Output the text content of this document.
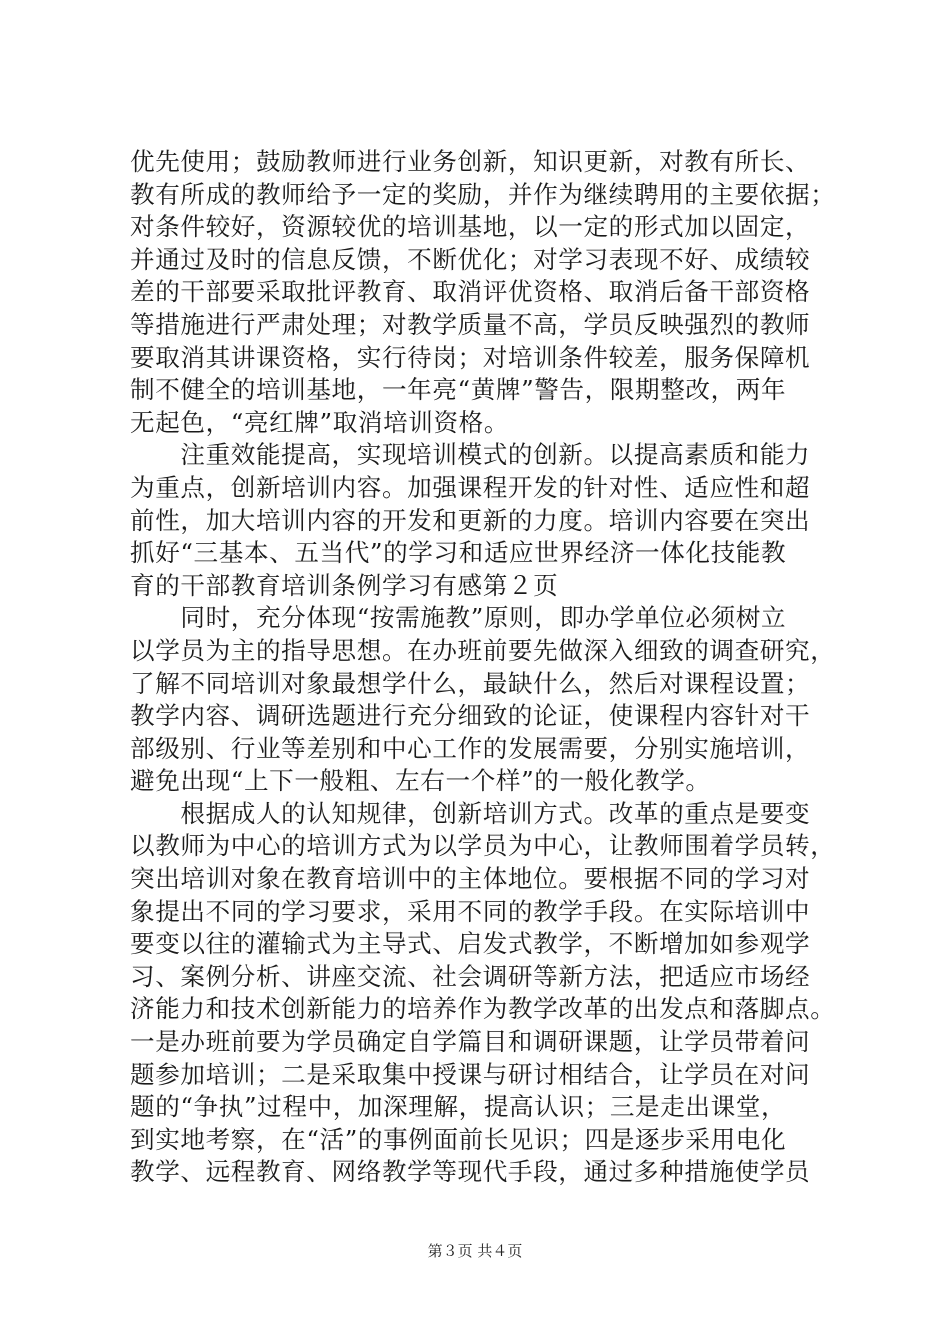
优先使用；鼓励教师进行业务创新，知识更新，对教有所长、
教有所成的教师给予一定的奖励，并作为继续聘用的主要依据；
对条件较好，资源较优的培训基地，以一定的形式加以固定，
并通过及时的信息反馈，不断优化；对学习表现不好、成绩较
差的干部要采取批评教育、取消评优资格、取消后备干部资格
等措施进行严肃处理；对教学质量不高，学员反映强烈的教师
要取消其讲课资格，实行待岗；对培训条件较差，服务保障机
制不健全的培训基地，一年亮“黄牌”警告，限期整改，两年
无起色，“亮红牌”取消培训资格。
　　注重效能提高，实现培训模式的创新。以提高素质和能力
为重点，创新培训内容。加强课程开发的针对性、适应性和超
前性，加大培训内容的开发和更新的力度。培训内容要在突出
抓好“三基本、五当代”的学习和适应世界经济一体化技能教
育的干部教育培训条例学习有感第２页
　　同时，充分体现“按需施教”原则，即办学单位必须树立
以学员为主的指导思想。在办班前要先做深入细致的调查研究，
了解不同培训对象最想学什么，最缺什么，然后对课程设置；
教学内容、调研选题进行充分细致的论证，使课程内容针对干
部级别、行业等差别和中心工作的发展需要，分别实施培训，
避免出现“上下一般粗、左右一个样”的一般化教学。
　　根据成人的认知规律，创新培训方式。改革的重点是要变
以教师为中心的培训方式为以学员为中心，让教师围着学员转，
突出培训对象在教育培训中的主体地位。要根据不同的学习对
象提出不同的学习要求，采用不同的教学手段。在实际培训中
要变以往的灌输式为主导式、启发式教学，不断增加如参观学
习、案例分析、讲座交流、社会调研等新方法，把适应市场经
济能力和技术创新能力的培养作为教学改革的出发点和落脚点。
一是办班前要为学员确定自学篇目和调研课题，让学员带着问
题参加培训；二是采取集中授课与研讨相结合，让学员在对问
题的“争执”过程中，加深理解，提高认识；三是走出课堂，
到实地考察，在“活”的事例面前长见识；四是逐步采用电化
教学、远程教育、网络教学等现代手段，通过多种措施使学员
第３页 共４页
